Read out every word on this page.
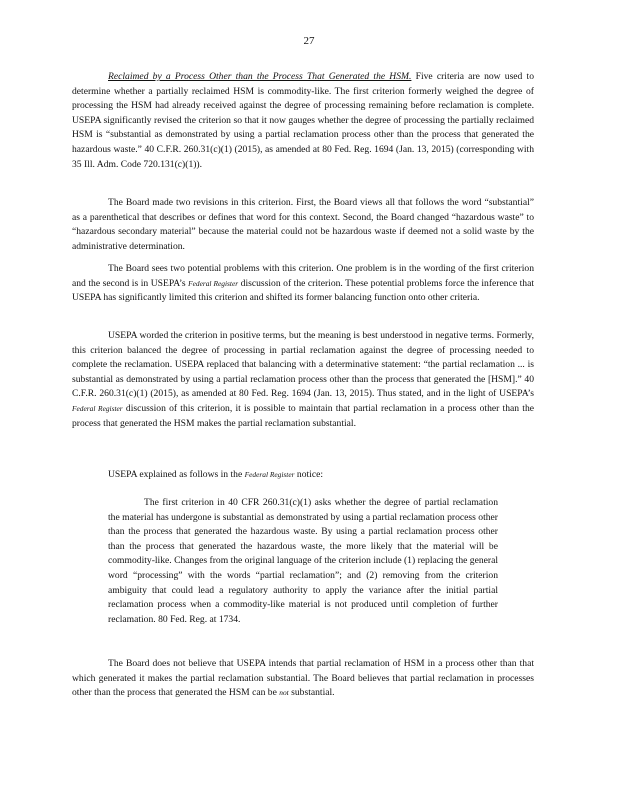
27

Reclaimed by a Process Other than the Process That Generated the HSM. Five criteria are now used to determine whether a partially reclaimed HSM is commodity-like. The first criterion formerly weighed the degree of processing the HSM had already received against the degree of processing remaining before reclamation is complete. USEPA significantly revised the criterion so that it now gauges whether the degree of processing the partially reclaimed HSM is “substantial as demonstrated by using a partial reclamation process other than the process that generated the hazardous waste.” 40 C.F.R. 260.31(c)(1) (2015), as amended at 80 Fed. Reg. 1694 (Jan. 13, 2015) (corresponding with 35 Ill. Adm. Code 720.131(c)(1)).

The Board made two revisions in this criterion. First, the Board views all that follows the word “substantial” as a parenthetical that describes or defines that word for this context. Second, the Board changed “hazardous waste” to “hazardous secondary material” because the material could not be hazardous waste if deemed not a solid waste by the administrative determination.

The Board sees two potential problems with this criterion. One problem is in the wording of the first criterion and the second is in USEPA’s Federal Register discussion of the criterion. These potential problems force the inference that USEPA has significantly limited this criterion and shifted its former balancing function onto other criteria.

USEPA worded the criterion in positive terms, but the meaning is best understood in negative terms. Formerly, this criterion balanced the degree of processing in partial reclamation against the degree of processing needed to complete the reclamation. USEPA replaced that balancing with a determinative statement: “the partial reclamation ... is substantial as demonstrated by using a partial reclamation process other than the process that generated the [HSM].” 40 C.F.R. 260.31(c)(1) (2015), as amended at 80 Fed. Reg. 1694 (Jan. 13, 2015). Thus stated, and in the light of USEPA’s Federal Register discussion of this criterion, it is possible to maintain that partial reclamation in a process other than the process that generated the HSM makes the partial reclamation substantial.

USEPA explained as follows in the Federal Register notice:

The first criterion in 40 CFR 260.31(c)(1) asks whether the degree of partial reclamation the material has undergone is substantial as demonstrated by using a partial reclamation process other than the process that generated the hazardous waste. By using a partial reclamation process other than the process that generated the hazardous waste, the more likely that the material will be commodity-like. Changes from the original language of the criterion include (1) replacing the general word “processing” with the words “partial reclamation”; and (2) removing from the criterion ambiguity that could lead a regulatory authority to apply the variance after the initial partial reclamation process when a commodity-like material is not produced until completion of further reclamation. 80 Fed. Reg. at 1734.

The Board does not believe that USEPA intends that partial reclamation of HSM in a process other than that which generated it makes the partial reclamation substantial. The Board believes that partial reclamation in processes other than the process that generated the HSM can be not substantial.
